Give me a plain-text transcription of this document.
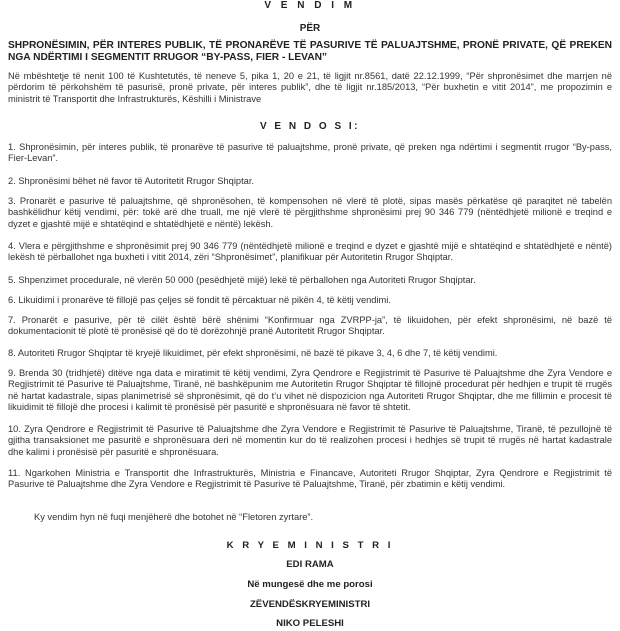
V E N D I M
PËR
SHPRONËSIMIN, PËR INTERES PUBLIK, TË PRONARËVE TË PASURIVE TË PALUAJTSHME, PRONË PRIVATE, QË PREKEN NGA NDËRTIMI I SEGMENTIT RRUGOR “BY-PASS, FIER - LEVAN”
Në mbështetje të nenit 100 të Kushtetutës, të neneve 5, pika 1, 20 e 21, të ligjit nr.8561, datë 22.12.1999, “Për shpronësimet dhe marrjen në përdorim të përkohshëm të pasurisë, pronë private, për interes publik”, dhe të ligjit nr.185/2013, “Për buxhetin e vitit 2014”, me propozimin e ministrit të Transportit dhe Infrastrukturës, Këshilli i Ministrave
V E N D O S I:
1. Shpronësimin, për interes publik, të pronarëve të pasurive të paluajtshme, pronë private, që preken nga ndërtimi i segmentit rrugor “By-pass, Fier-Levan”.
2. Shpronësimi bëhet në favor të Autoritetit Rrugor Shqiptar.
3. Pronarët e pasurive të paluajtshme, që shpronësohen, të kompensohen në vlerë të plotë, sipas masës përkatëse që paraqitet në tabelën bashkëlidhur këtij vendimi, për: tokë arë dhe truall, me një vlerë të përgjithshme shpronësimi prej 90 346 779 (nëntëdhjetë milionë e treqind e dyzet e gjashtë mijë e shtatëqind e shtatëdhjetë e nëntë) lekësh.
4. Vlera e përgjithshme e shpronësimit prej 90 346 779 (nëntëdhjetë milionë e treqind e dyzet e gjashtë mijë e shtatëqind e shtatëdhjetë e nëntë) lekësh të përballohet nga buxheti i vitit 2014, zëri “Shpronësimet”, planifikuar për Autoritetin Rrugor Shqiptar.
5. Shpenzimet procedurale, në vlerën 50 000 (pesëdhjetë mijë) lekë të përballohen nga Autoriteti Rrugor Shqiptar.
6. Likuidimi i pronarëve të fillojë pas çeljes së fondit të përcaktuar në pikën 4, të këtij vendimi.
7. Pronarët e pasurive, për të cilët është bërë shënimi “Konfirmuar nga ZVRPP-ja”, të likuidohen, për efekt shpronësimi, në bazë të dokumentacionit të plotë të pronësisë që do të dorëzohnjë pranë Autoritetit Rrugor Shqiptar.
8. Autoriteti Rrugor Shqiptar të kryejë likuidimet, për efekt shpronësimi, në bazë të pikave 3, 4, 6 dhe 7, të këtij vendimi.
9. Brenda 30 (tridhjetë) ditëve nga data e miratimit të këtij vendimi, Zyra Qendrore e Regjistrimit të Pasurive të Paluajtshme dhe Zyra Vendore e Regjistrimit të Pasurive të Paluajtshme, Tiranë, në bashkëpunim me Autoritetin Rrugor Shqiptar të fillojnë procedurat për hedhjen e trupit të rrugës në hartat kadastrale, sipas planimetrisë së shpronësimit, që do t’u vihet në dispozicion nga Autoriteti Rrugor Shqiptar, dhe me fillimin e procesit të likuidimit të fillojë dhe procesi i kalimit të pronësisë për pasuritë e shpronësuara në favor të shtetit.
10. Zyra Qendrore e Regjistrimit të Pasurive të Paluajtshme dhe Zyra Vendore e Regjistrimit të Pasurive të Paluajtshme, Tiranë, të pezullojnë të gjitha transaksionet me pasuritë e shpronësuara deri në momentin kur do të realizohen procesi i hedhjes së trupit të rrugës në hartat kadastrale dhe kalimi i pronësisë për pasuritë e shpronësuara.
11. Ngarkohen Ministria e Transportit dhe Infrastrukturës, Ministria e Financave, Autoriteti Rrugor Shqiptar, Zyra Qendrore e Regjistrimit të Pasurive të Paluajtshme dhe Zyra Vendore e Regjistrimit të Pasurive të Paluajtshme, Tiranë, për zbatimin e këtij vendimi.
Ky vendim hyn në fuqi menjëherë dhe botohet në “Fletoren zyrtare”.
K R Y E M I N I S T R I
EDI RAMA
Në mungesë dhe me porosi
ZËVENDËSKRYEMINISTRI
NIKO PELESHI
